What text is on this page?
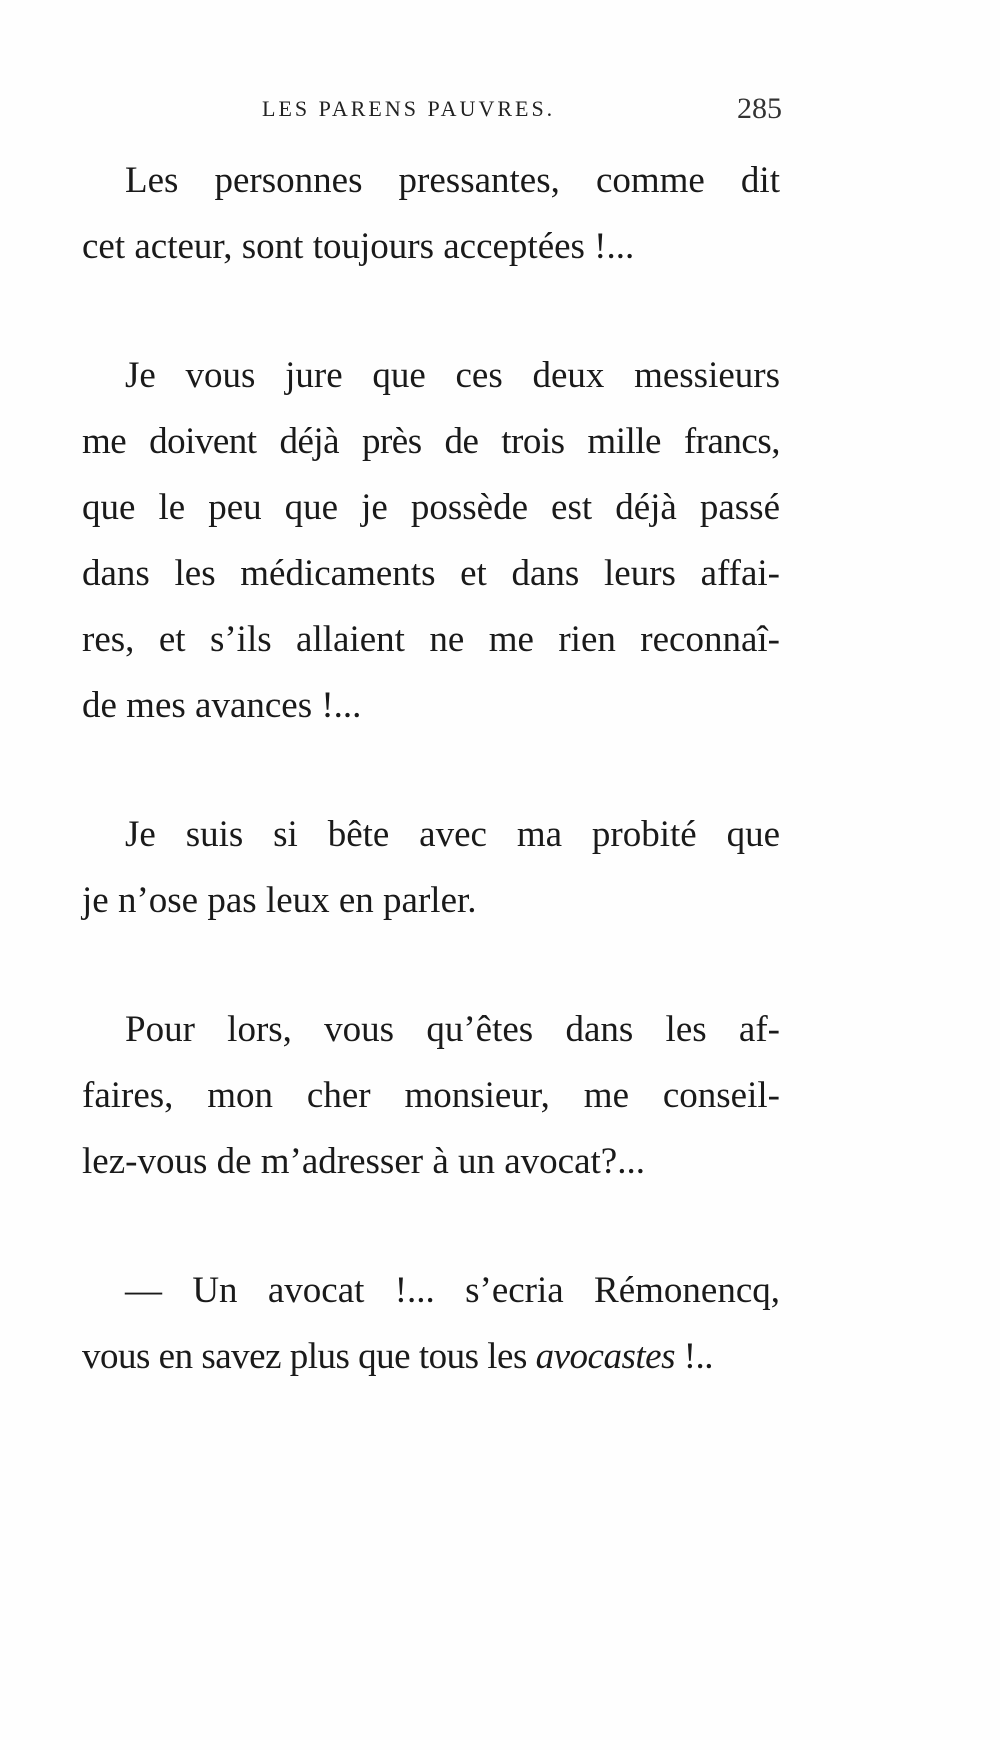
LES PARENS PAUVRES.	285

Les personnes pressantes, comme dit
cet acteur, sont toujours acceptées !...

Je vous jure que ces deux messieurs
me doivent déjà près de trois mille francs,
que le peu que je possède est déjà passé
dans les médicaments et dans leurs affai-
res, et s’ils allaient ne me rien reconnaî-
de mes avances !...

Je suis si bête avec ma probité que
je n’ose pas leux en parler.

Pour lors, vous qu’êtes dans les af-
faires, mon cher monsieur, me conseil-
lez-vous de m’adresser à un avocat?...

— Un avocat !... s’ecria Rémonencq,
vous en savez plus que tous les avocastes !..
